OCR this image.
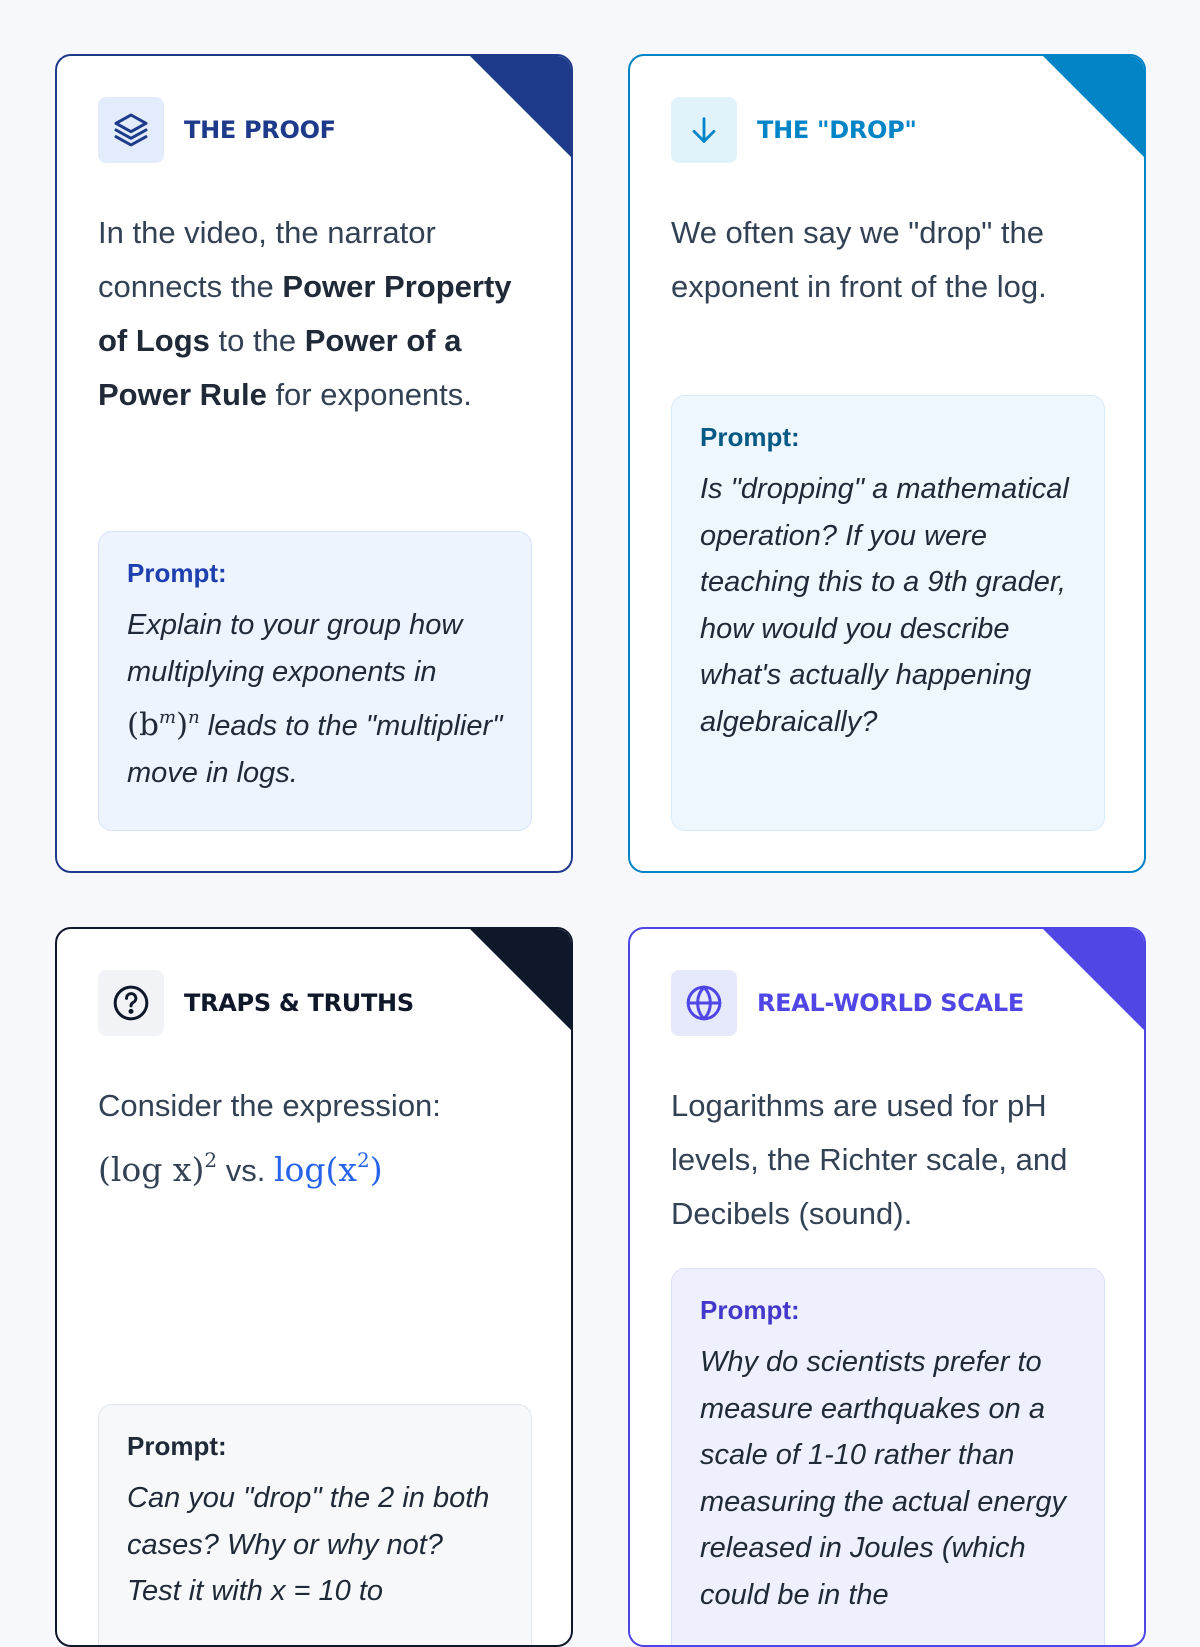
THE PROOF
In the video, the narrator connects the Power Property of Logs to the Power of a Power Rule for exponents.
Prompt:
Explain to your group how multiplying exponents in $(b^m)^n$ leads to the "multiplier" move in logs.
THE "DROP"
We often say we "drop" the exponent in front of the log.
Prompt:
Is "dropping" a mathematical operation? If you were teaching this to a 9th grader, how would you describe what's actually happening algebraically?
TRAPS & TRUTHS
Consider the expression:
(log x)$^2$ vs. $\log(x^2)$
Prompt:
Can you "drop" the 2 in both cases? Why or why not? Test it with x = 10 to
REAL-WORLD SCALE
Logarithms are used for pH levels, the Richter scale, and Decibels (sound).
Prompt:
Why do scientists prefer to measure earthquakes on a scale of 1-10 rather than measuring the actual energy released in Joules (which could be in the
